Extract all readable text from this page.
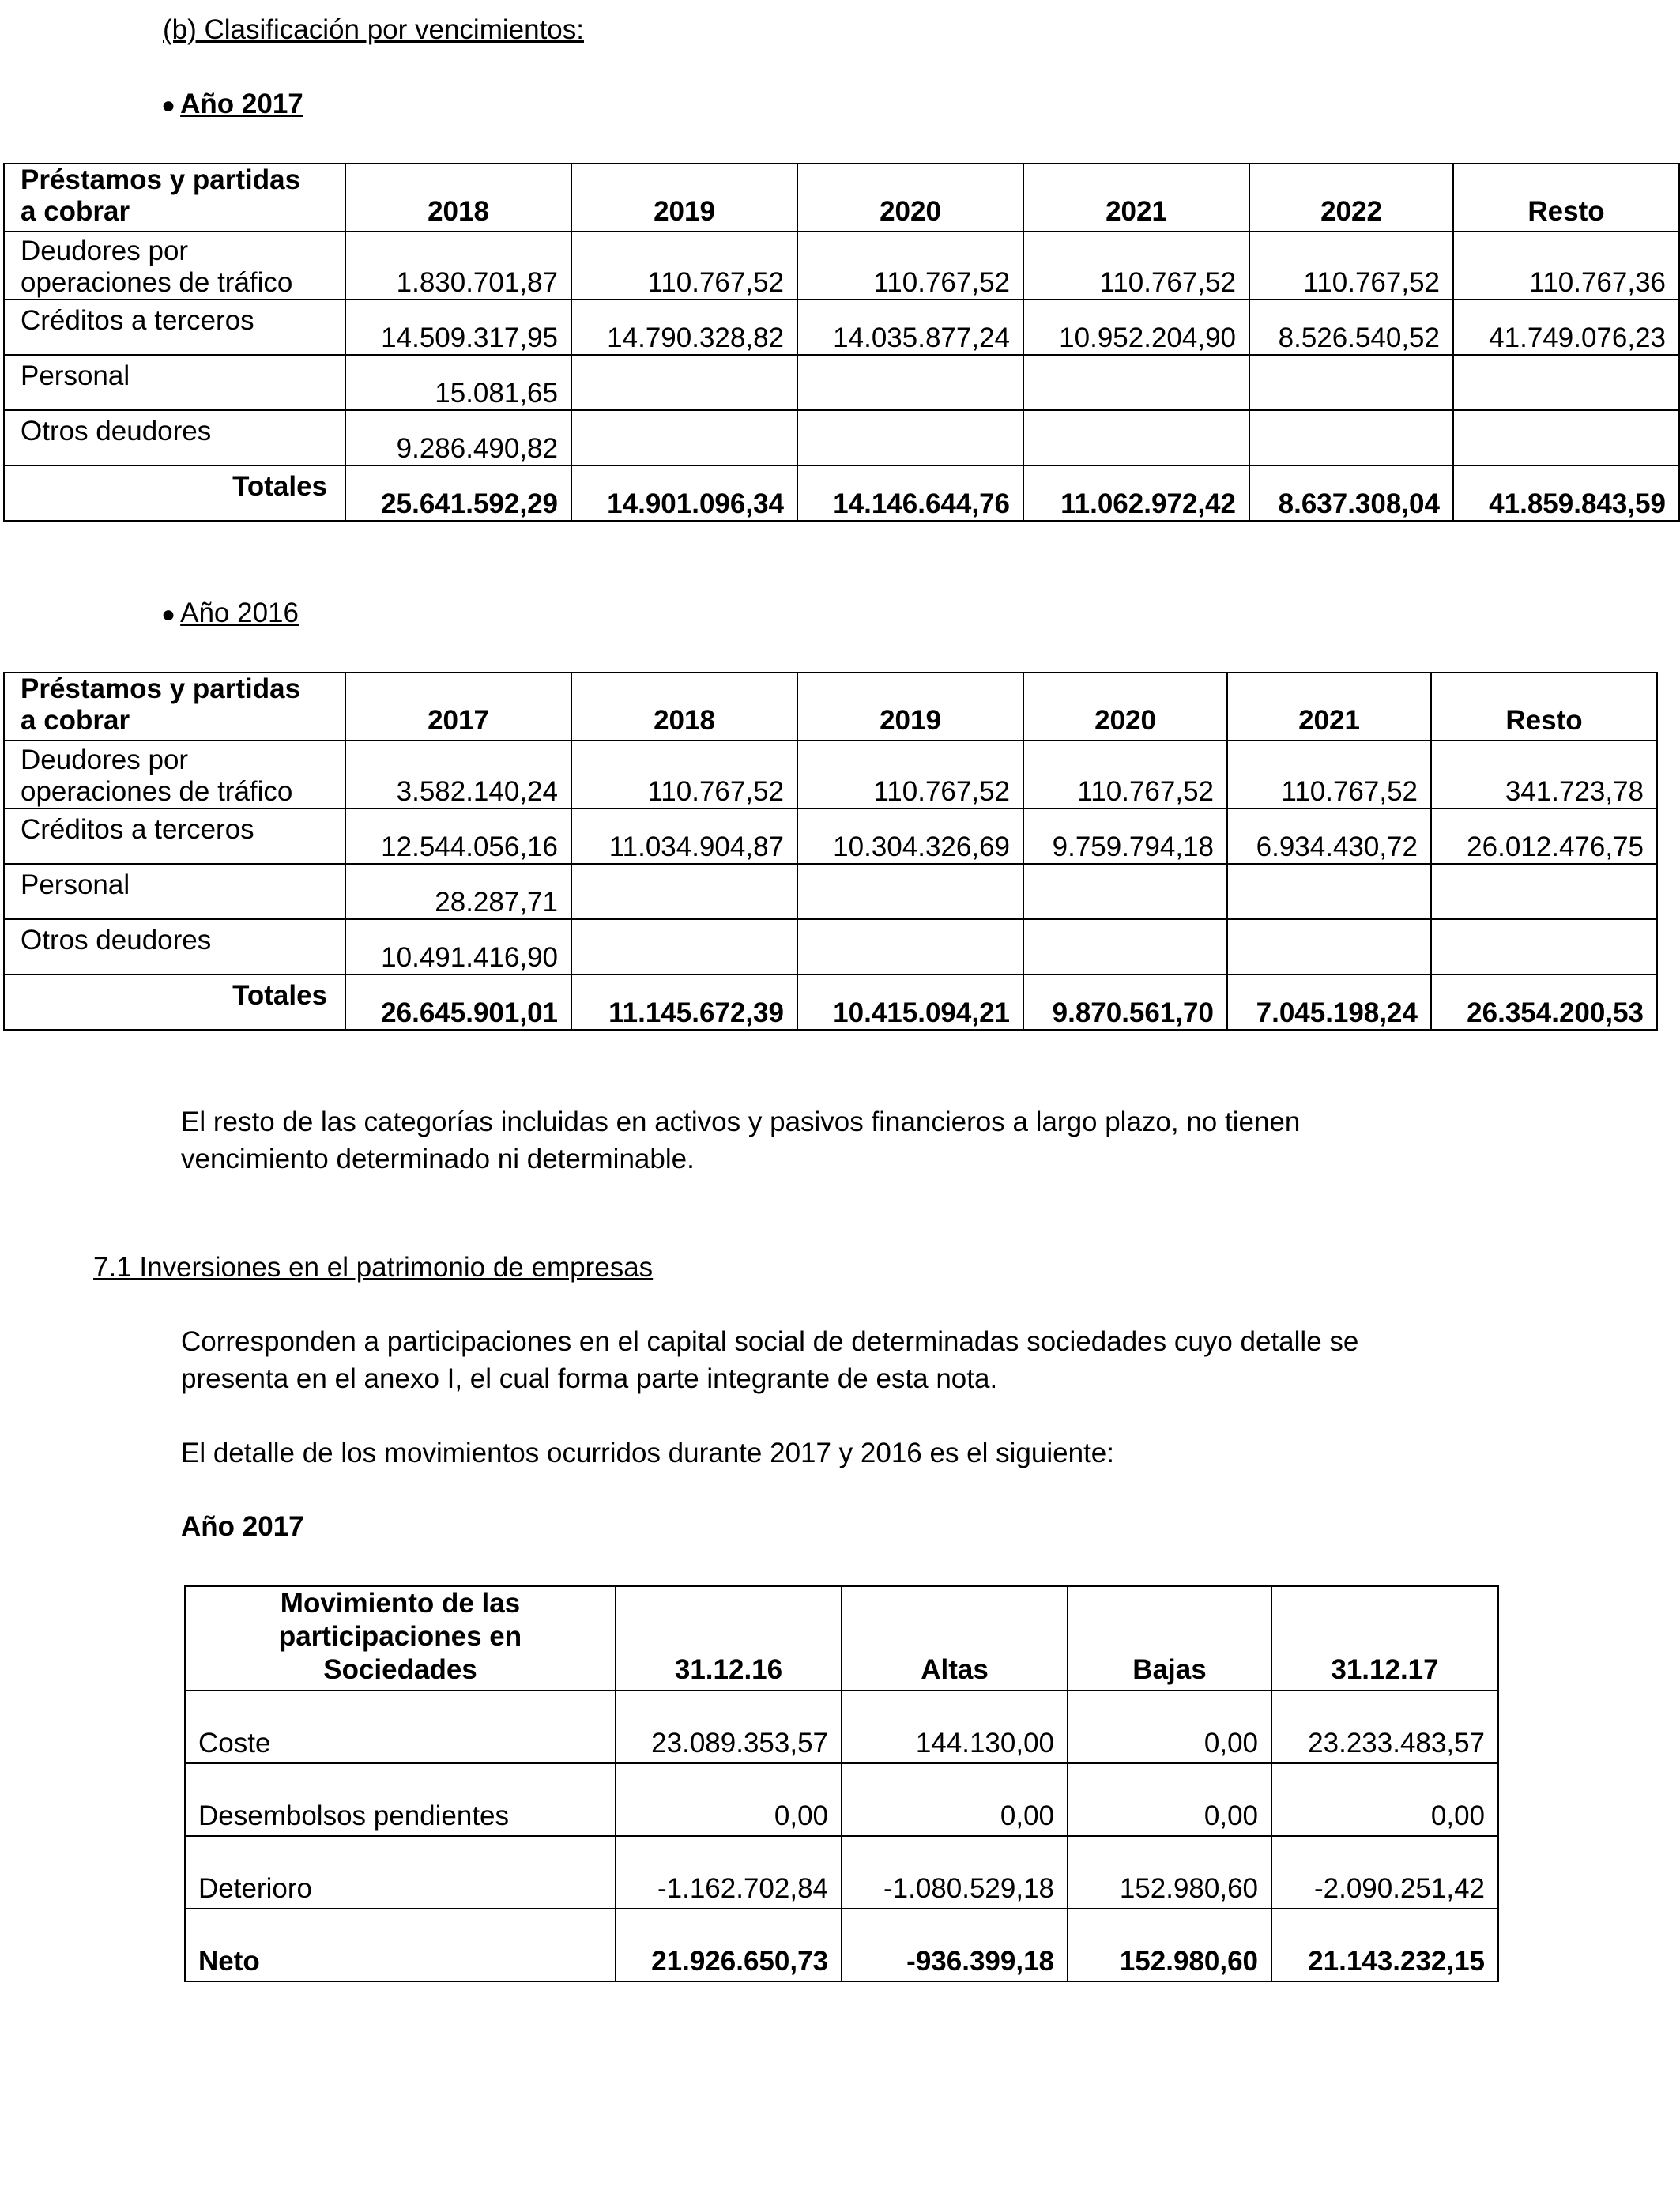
(b) Clasificación por vencimientos:
● Año 2017
Préstamos y partidas
a cobrar	2018	2019	2020	2021	2022	Resto

Deudores por
operaciones de tráfico	1.830.701,87	110.767,52	110.767,52	110.767,52	110.767,52	110.767,36
Créditos a terceros	14.509.317,95	14.790.328,82	14.035.877,24	10.952.204,90	8.526.540,52	41.749.076,23
Personal	15.081,65					
Otros deudores	9.286.490,82					
Totales	25.641.592,29	14.901.096,34	14.146.644,76	11.062.972,42	8.637.308,04	41.859.843,59
● Año 2016
Préstamos y partidas
a cobrar	2017	2018	2019	2020	2021	Resto

Deudores por
operaciones de tráfico	3.582.140,24	110.767,52	110.767,52	110.767,52	110.767,52	341.723,78
Créditos a terceros	12.544.056,16	11.034.904,87	10.304.326,69	9.759.794,18	6.934.430,72	26.012.476,75
Personal	28.287,71					
Otros deudores	10.491.416,90					
Totales	26.645.901,01	11.145.672,39	10.415.094,21	9.870.561,70	7.045.198,24	26.354.200,53
El resto de las categorías incluidas en activos y pasivos financieros a largo plazo, no tienen
vencimiento determinado ni determinable.
7.1 Inversiones en el patrimonio de empresas
Corresponden a participaciones en el capital social de determinadas sociedades cuyo detalle se
presenta en el anexo I, el cual forma parte integrante de esta nota.
El detalle de los movimientos ocurridos durante 2017 y 2016 es el siguiente:
Año 2017
Movimiento de las
participaciones en
Sociedades	31.12.16	Altas	Bajas	31.12.17
Coste	23.089.353,57	144.130,00	0,00	23.233.483,57
Desembolsos pendientes	0,00	0,00	0,00	0,00
Deterioro	-1.162.702,84	-1.080.529,18	152.980,60	-2.090.251,42
Neto	21.926.650,73	-936.399,18	152.980,60	21.143.232,15
